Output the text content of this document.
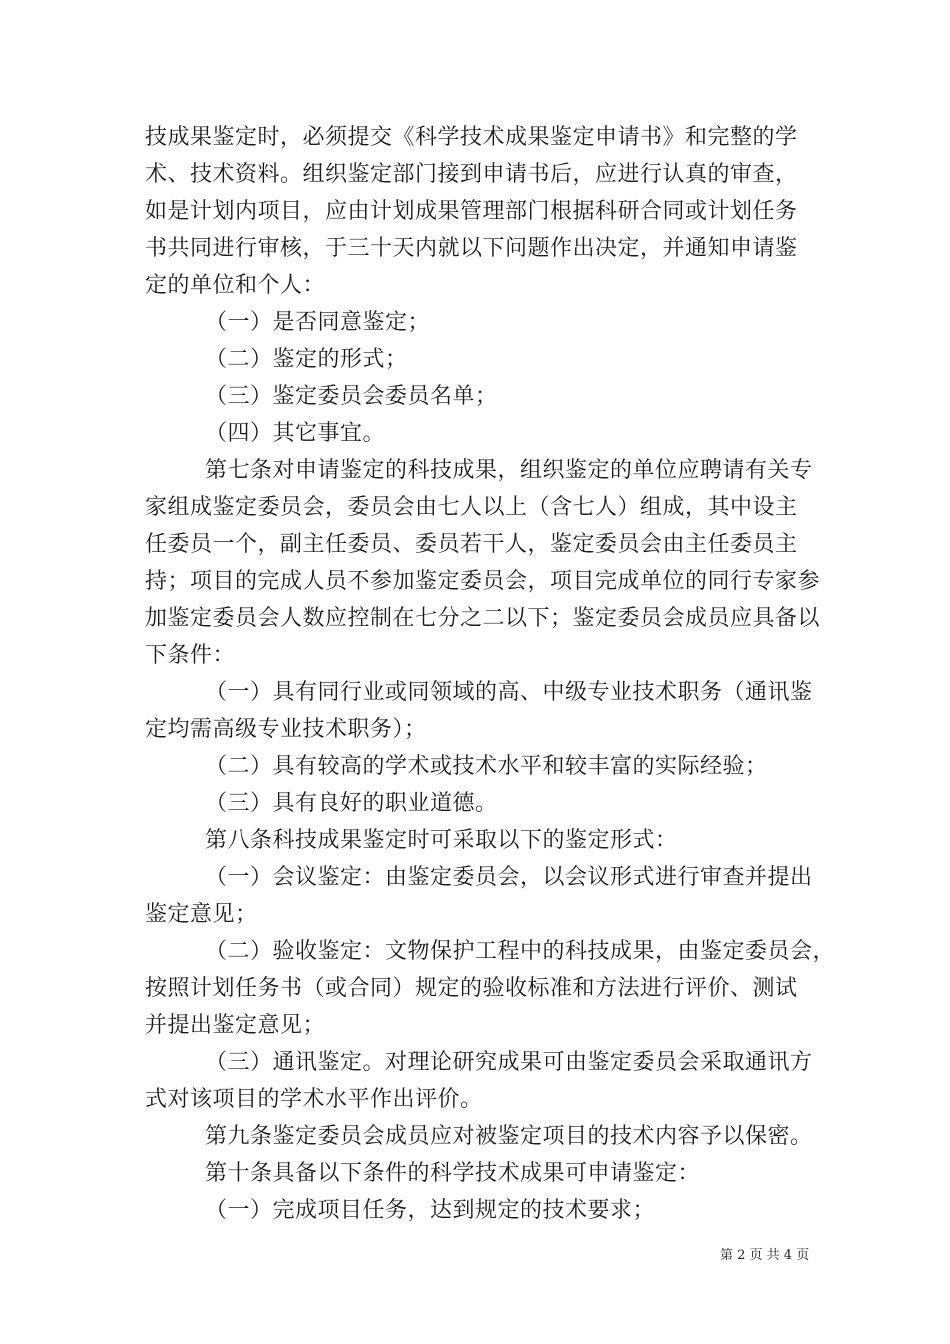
技成果鉴定时，必须提交《科学技术成果鉴定申请书》和完整的学
术、技术资料。组织鉴定部门接到申请书后，应进行认真的审查，
如是计划内项目，应由计划成果管理部门根据科研合同或计划任务
书共同进行审核，于三十天内就以下问题作出决定，并通知申请鉴
定的单位和个人：
（一）是否同意鉴定；
（二）鉴定的形式；
（三）鉴定委员会委员名单；
（四）其它事宜。
第七条对申请鉴定的科技成果，组织鉴定的单位应聘请有关专
家组成鉴定委员会，委员会由七人以上（含七人）组成，其中设主
任委员一个，副主任委员、委员若干人，鉴定委员会由主任委员主
持；项目的完成人员不参加鉴定委员会，项目完成单位的同行专家参
加鉴定委员会人数应控制在七分之二以下；鉴定委员会成员应具备以
下条件：
（一）具有同行业或同领域的高、中级专业技术职务（通讯鉴
定均需高级专业技术职务）；
（二）具有较高的学术或技术水平和较丰富的实际经验；
（三）具有良好的职业道德。
第八条科技成果鉴定时可采取以下的鉴定形式：
（一）会议鉴定：由鉴定委员会，以会议形式进行审查并提出
鉴定意见；
（二）验收鉴定：文物保护工程中的科技成果，由鉴定委员会，
按照计划任务书（或合同）规定的验收标准和方法进行评价、测试
并提出鉴定意见；
（三）通讯鉴定。对理论研究成果可由鉴定委员会采取通讯方
式对该项目的学术水平作出评价。
第九条鉴定委员会成员应对被鉴定项目的技术内容予以保密。
第十条具备以下条件的科学技术成果可申请鉴定：
（一）完成项目任务，达到规定的技术要求；
第 2 页 共 4 页
